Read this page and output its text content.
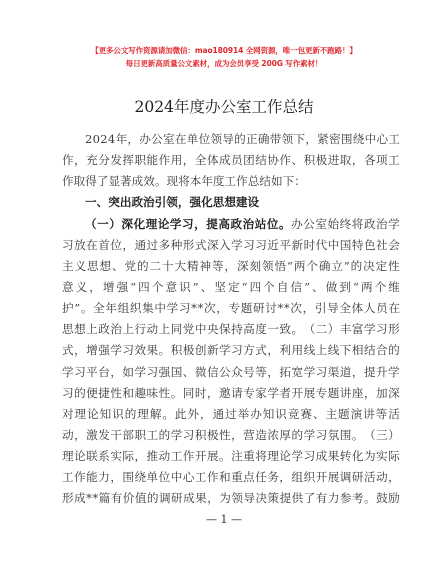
【更多公文写作资源请加微信：mao180914 全网资源，唯一包更新不跑路！】
每日更新高质量公文素材，成为会员享受 200G 写作素材！
2024年度办公室工作总结
2 0 2 4 年 ， 办 公 室 在 单 位 领 导 的 正 确 带 领 下 ， 紧 密 围 绕 中 心 工
作 ， 充 分 发 挥 职 能 作 用 ， 全 体 成 员 团 结 协 作 、 积 极 进 取 ， 各 项 工
作 取 得 了 显 著 成 效 。 现 将 本 年 度 工 作 总 结 如 下 ：
一 、 突 出 政 治 引 领 ， 强 化 思 想 建 设
（ 一 ） 深 化 理 论 学 习 ， 提 高 政 治 站 位 。 办 公 室 始 终 将 政 治 学
习 放 在 首 位 ， 通 过 多 种 形 式 深 入 学 习 习 近 平 新 时 代 中 国 特 色 社 会
主 义 思 想 、 党 的 二 十 大 精 神 等 ， 深 刻 领 悟 “ 两 个 确 立 ” 的 决 定 性
意 义 ， 增 强 “ 四 个 意 识 ” 、 坚 定 “ 四 个 自 信 ” 、 做 到 “ 两 个 维
护 ” 。 全 年 组 织 集 中 学 习 * * 次 ， 专 题 研 讨 * * 次 ， 引 导 全 体 人 员 在
思 想 上 政 治 上 行 动 上 同 党 中 央 保 持 高 度 一 致 。 （ 二 ） 丰 富 学 习 形
式 ， 增 强 学 习 效 果 。 积 极 创 新 学 习 方 式 ， 利 用 线 上 线 下 相 结 合 的
学 习 平 台 ， 如 学 习 强 国 、 微 信 公 众 号 等 ， 拓 宽 学 习 渠 道 ， 提 升 学
习 的 便 捷 性 和 趣 味 性 。 同 时 ， 邀 请 专 家 学 者 开 展 专 题 讲 座 ， 加 深
对 理 论 知 识 的 理 解 。 此 外 ， 通 过 举 办 知 识 竞 赛 、 主 题 演 讲 等 活
动 ， 激 发 干 部 职 工 的 学 习 积 极 性 ， 营 造 浓 厚 的 学 习 氛 围 。 （ 三 ）
理 论 联 系 实 际 ， 推 动 工 作 开 展 。 注 重 将 理 论 学 习 成 果 转 化 为 实 际
工 作 能 力 ， 围 绕 单 位 中 心 工 作 和 重 点 任 务 ， 组 织 开 展 调 研 活 动 ，
形 成 * * 篇 有 价 值 的 调 研 成 果 ， 为 领 导 决 策 提 供 了 有 力 参 考 。 鼓 励
— 1 —
